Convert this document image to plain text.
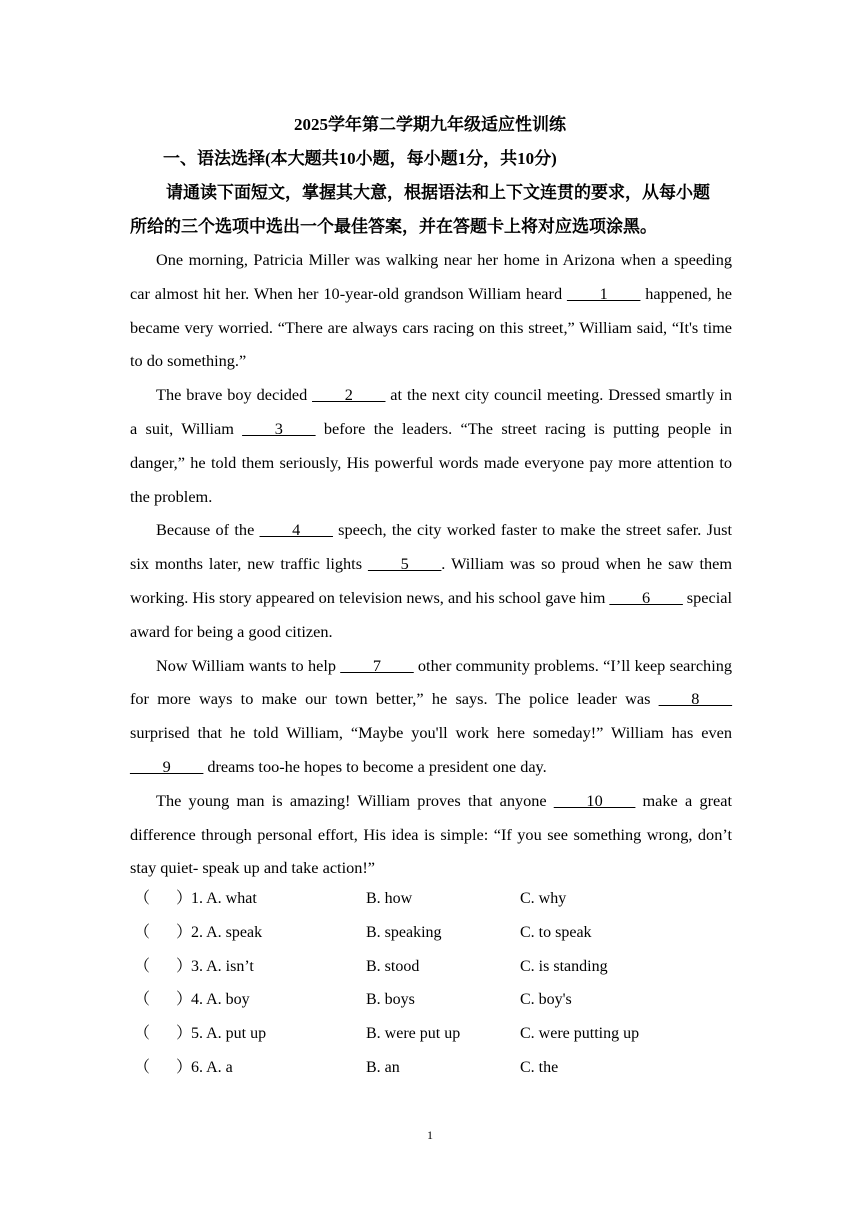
2025学年第二学期九年级适应性训练
一、语法选择(本大题共10小题，每小题1分，共10分)
请通读下面短文，掌握其大意，根据语法和上下文连贯的要求，从每小题
所给的三个选项中选出一个最佳答案，并在答题卡上将对应选项涂黑。

One morning, Patricia Miller was walking near her home in Arizona when a speeding car almost hit her. When her 10-year-old grandson William heard ____1____ happened, he became very worried. “There are always cars racing on this street,” William said, “It's time to do something.”

The brave boy decided ____2____ at the next city council meeting. Dressed smartly in a suit, William ____3____ before the leaders. “The street racing is putting people in danger,” he told them seriously, His powerful words made everyone pay more attention to the problem.

Because of the ____4____ speech, the city worked faster to make the street safer. Just six months later, new traffic lights ____5____. William was so proud when he saw them working. His story appeared on television news, and his school gave him ____6____ special award for being a good citizen.

Now William wants to help ____7____ other community problems. “I’ll keep searching for more ways to make our town better,” he says. The police leader was ____8____ surprised that he told William, “Maybe you'll work here someday!” William has even ____9____ dreams too-he hopes to become a president one day.

The young man is amazing! William proves that anyone ____10____ make a great difference through personal effort, His idea is simple: “If you see something wrong, don’t stay quiet- speak up and take action!”

（ ）
1. A. what	B. how	C. why
（ ）
2. A. speak	B. speaking	C. to speak
（ ）
3. A. isn’t	B. stood	C. is standing
（ ）
4. A. boy	B. boys	C. boy's
（ ）
5. A. put up	B. were put up	C. were putting up
（ ）
6. A. a	B. an	C. the
1
